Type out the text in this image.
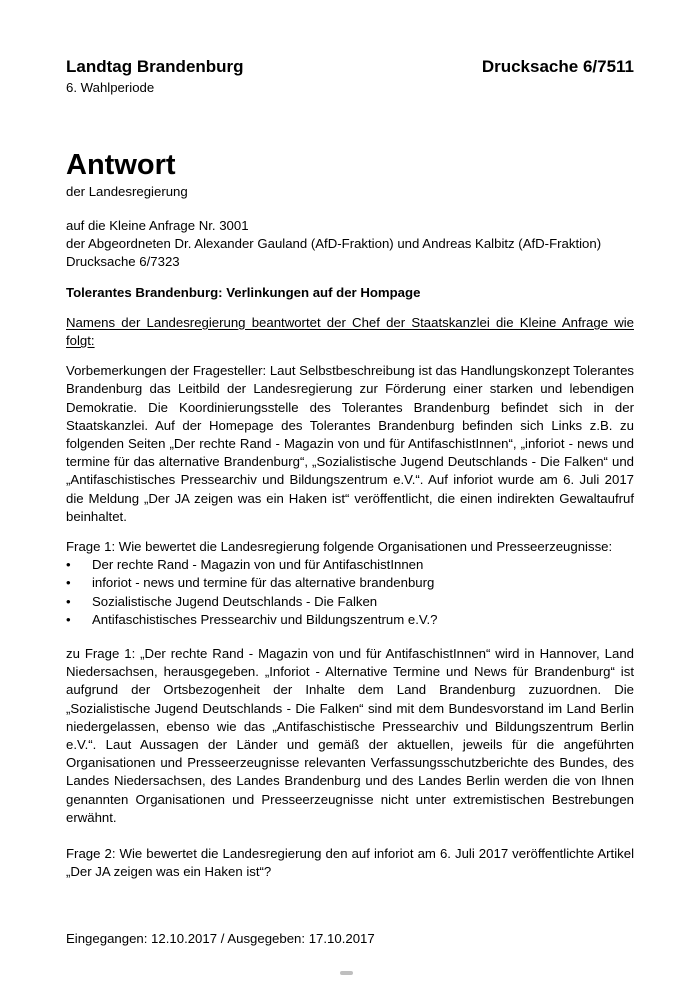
Landtag Brandenburg	Drucksache 6/7511
6. Wahlperiode
Antwort
der Landesregierung

auf die Kleine Anfrage Nr. 3001

der Abgeordneten Dr. Alexander Gauland (AfD-Fraktion) und Andreas Kalbitz (AfD-Fraktion)

Drucksache 6/7323

Tolerantes Brandenburg: Verlinkungen auf der Hompage

Namens der Landesregierung beantwortet der Chef der Staatskanzlei die Kleine Anfrage wie folgt:

Vorbemerkungen der Fragesteller: Laut Selbstbeschreibung ist das Handlungskonzept Tolerantes Brandenburg das Leitbild der Landesregierung zur Förderung einer starken und lebendigen Demokratie. Die Koordinierungsstelle des Tolerantes Brandenburg befindet sich in der Staatskanzlei. Auf der Homepage des Tolerantes Brandenburg befinden sich Links z.B. zu folgenden Seiten „Der rechte Rand - Magazin von und für AntifaschistInnen“, „inforiot - news und termine für das alternative Brandenburg“, „Sozialistische Jugend Deutschlands - Die Falken“ und „Antifaschistisches Pressearchiv und Bildungszentrum e.V.“. Auf inforiot wurde am 6. Juli 2017 die Meldung „Der JA zeigen was ein Haken ist“ veröffentlicht, die einen indirekten Gewaltaufruf beinhaltet.

Frage 1: Wie bewertet die Landesregierung folgende Organisationen und Presseerzeugnisse:

•
Der rechte Rand - Magazin von und für AntifaschistInnen
•
inforiot - news und termine für das alternative brandenburg
•
Sozialistische Jugend Deutschlands - Die Falken
•
Antifaschistisches Pressearchiv und Bildungszentrum e.V.?

zu Frage 1: „Der rechte Rand - Magazin von und für AntifaschistInnen“ wird in Hannover, Land Niedersachsen, herausgegeben. „Inforiot - Alternative Termine und News für Brandenburg“ ist aufgrund der Ortsbezogenheit der Inhalte dem Land Brandenburg zuzuordnen. Die „Sozialistische Jugend Deutschlands - Die Falken“ sind mit dem Bundesvorstand im Land Berlin niedergelassen, ebenso wie das „Antifaschistische Pressearchiv und Bildungszentrum Berlin e.V.“. Laut Aussagen der Länder und gemäß der aktuellen, jeweils für die angeführten Organisationen und Presseerzeugnisse relevanten Verfassungsschutzberichte des Bundes, des Landes Niedersachsen, des Landes Brandenburg und des Landes Berlin werden die von Ihnen genannten Organisationen und Presseerzeugnisse nicht unter extremistischen Bestrebungen erwähnt.

Frage 2: Wie bewertet die Landesregierung den auf inforiot am 6. Juli 2017 veröffentlichte Artikel „Der JA zeigen was ein Haken ist“?

Eingegangen: 12.10.2017 / Ausgegeben: 17.10.2017
